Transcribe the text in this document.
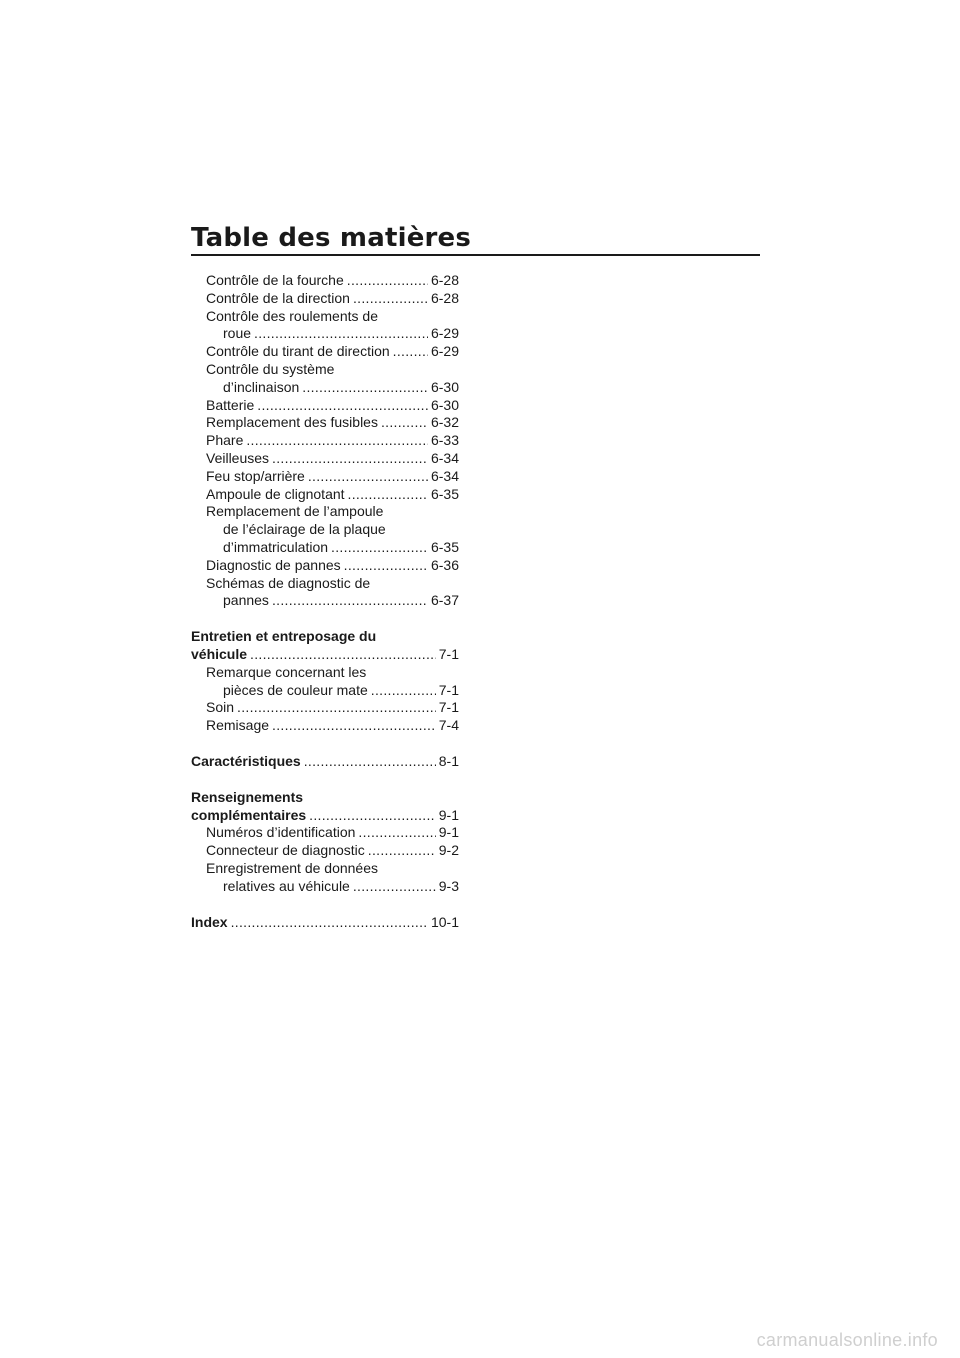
Table des matières
Contrôle de la fourche .....	6-28
Contrôle de la direction .....	6-28
Contrôle des roulements de
roue .....	6-29
Contrôle du tirant de direction .....	6-29
Contrôle du système
d’inclinaison .....	6-30
Batterie .....	6-30
Remplacement des fusibles .....	6-32
Phare .....	6-33
Veilleuses .....	6-34
Feu stop/arrière .....	6-34
Ampoule de clignotant .....	6-35
Remplacement de l’ampoule
de l’éclairage de la plaque
d’immatriculation .....	6-35
Diagnostic de pannes .....	6-36
Schémas de diagnostic de
pannes .....	6-37
Entretien et entreposage du
véhicule .....	7-1
Remarque concernant les
pièces de couleur mate .....	7-1
Soin .....	7-1
Remisage .....	7-4
Caractéristiques .....	8-1
Renseignements
complémentaires .....	9-1
Numéros d’identification .....	9-1
Connecteur de diagnostic .....	9-2
Enregistrement de données
relatives au véhicule .....	9-3
Index .....	10-1
carmanualsonline.info
